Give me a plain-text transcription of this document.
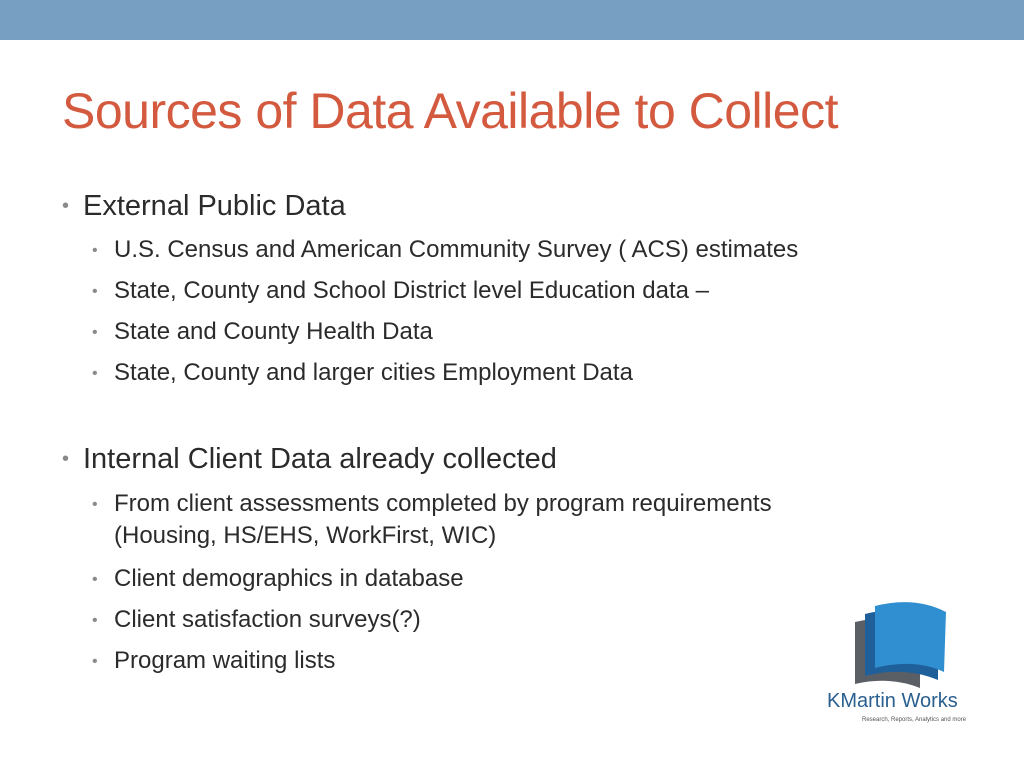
Sources of Data Available to Collect
• External Public Data
• U.S. Census and American Community Survey ( ACS) estimates
• State, County and School District level Education data –
• State and County Health Data
• State, County and larger cities Employment Data
• Internal Client Data already collected
• From client assessments completed by program requirements
(Housing, HS/EHS, WorkFirst, WIC)
• Client demographics in database
• Client satisfaction surveys(?)
• Program waiting lists
KMartin Works
Research, Reports, Analytics and more
